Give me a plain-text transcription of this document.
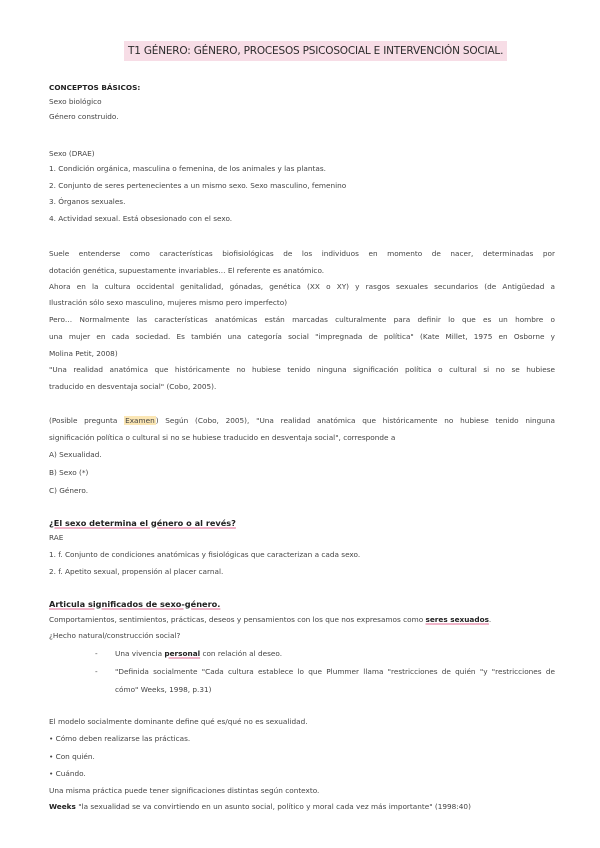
T1 GÉNERO: GÉNERO, PROCESOS PSICOSOCIAL E INTERVENCIÓN SOCIAL.
CONCEPTOS BÁSICOS:
Sexo biológico
Género construido.
Sexo (DRAE)
1. Condición orgánica, masculina o femenina, de los animales y las plantas.
2. Conjunto de seres pertenecientes a un mismo sexo. Sexo masculino, femenino
3. Órganos sexuales.
4. Actividad sexual. Está obsesionado con el sexo.
Suele entenderse como características biofisiológicas de los individuos en momento de nacer, determinadas por
dotación genética, supuestamente invariables… El referente es anatómico.
Ahora en la cultura occidental genitalidad, gónadas, genética (XX o XY) y rasgos sexuales secundarios (de Antigüedad a
Ilustración sólo sexo masculino, mujeres mismo pero imperfecto)
Pero… Normalmente las características anatómicas están marcadas culturalmente para definir lo que es un hombre o
una mujer en cada sociedad. Es también una categoría social "impregnada de política" (Kate Millet, 1975 en Osborne y
Molina Petit, 2008)
"Una realidad anatómica que históricamente no hubiese tenido ninguna significación política o cultural si no se hubiese
traducido en desventaja social" (Cobo, 2005).
(Posible pregunta Examen) Según (Cobo, 2005), "Una realidad anatómica que históricamente no hubiese tenido ninguna
significación política o cultural si no se hubiese traducido en desventaja social", corresponde a
A) Sexualidad.
B) Sexo (*)
C) Género.
¿El sexo determina el género o al revés?
RAE
1. f. Conjunto de condiciones anatómicas y fisiológicas que caracterizan a cada sexo.
2. f. Apetito sexual, propensión al placer carnal.
Articula significados de sexo-género.
Comportamientos, sentimientos, prácticas, deseos y pensamientos con los que nos expresamos como seres sexuados.
¿Hecho natural/construcción social?
- Una vivencia personal con relación al deseo.
- "Definida socialmente "Cada cultura establece lo que Plummer llama "restricciones de quién "y "restricciones de
cómo" Weeks, 1998, p.31)
El modelo socialmente dominante define qué es/qué no es sexualidad.
• Cómo deben realizarse las prácticas.
• Con quién.
• Cuándo.
Una misma práctica puede tener significaciones distintas según contexto.
Weeks "la sexualidad se va convirtiendo en un asunto social, político y moral cada vez más importante" (1998:40)
